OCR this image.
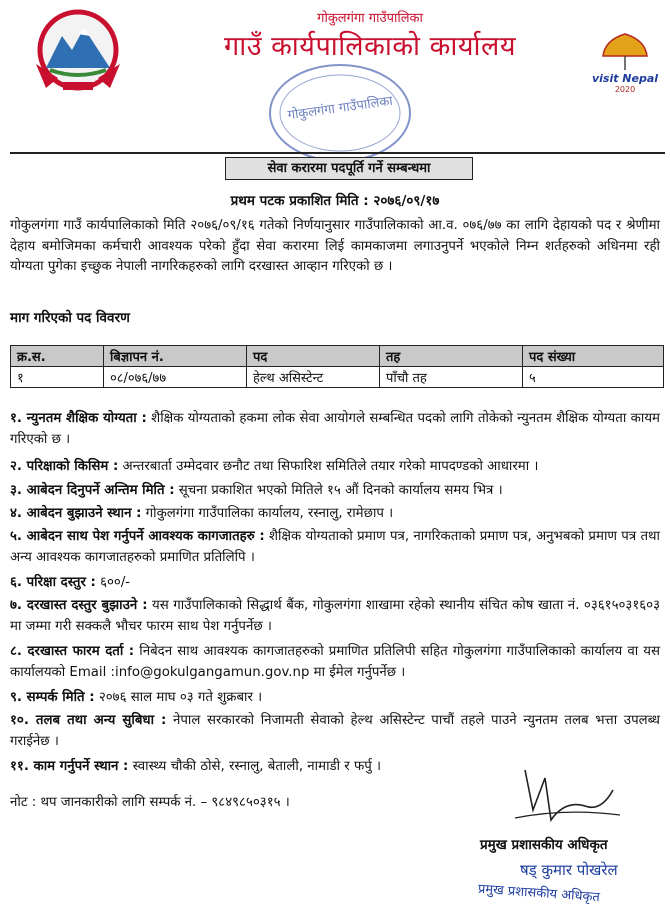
गोकुलगंगा गाउँपालिका
गाउँ कार्यपालिकाको कार्यालय
visit Nepal
2020
गोकुलगंगा गाउँपालिका
सेवा करारमा पदपूर्ति गर्ने सम्बन्धमा
प्रथम पटक प्रकाशित मिति : २०७६/०९/१७
गोकुलगंगा गाउँ कार्यपालिकाको मिति २०७६/०९/१६ गतेको निर्णयानुसार गाउँपालिकाको आ.व. ०७६/७७ का लागि देहायको पद र श्रेणीमा देहाय बमोजिमका कर्मचारी आवश्यक परेको हुँदा सेवा करारमा लिई कामकाजमा लगाउनुपर्ने भएकोले निम्न शर्तहरुको अधिनमा रही योग्यता पुगेका इच्छुक नेपाली नागरिकहरुको लागि दरखास्त आव्हान गरिएको छ ।
माग गरिएको पद विवरण
क्र.स.	बिज्ञापन नं.	पद	तह	पद संख्या
१	०८/०७६/७७	हेल्थ असिस्टेन्ट	पाँचौ तह	५
१. न्युनतम शैक्षिक योग्यता : शैक्षिक योग्यताको हकमा लोक सेवा आयोगले सम्बन्धित पदको लागि तोकेको न्युनतम शैक्षिक योग्यता कायम गरिएको छ ।
२. परिक्षाको किसिम : अन्तरबार्ता उम्मेदवार छनौट तथा सिफारिश समितिले तयार गरेको मापदण्डको आधारमा ।
३. आबेदन दिनुपर्ने अन्तिम मिति : सूचना प्रकाशित भएको मितिले १५ औं दिनको कार्यालय समय भित्र ।
४. आबेदन बुझाउने स्थान : गोकुलगंगा गाउँपालिका कार्यालय, रस्नालु, रामेछाप ।
५. आबेदन साथ पेश गर्नुपर्ने आवश्यक कागजातहरु : शैक्षिक योग्यताको प्रमाण पत्र, नागरिकताको प्रमाण पत्र, अनुभबको प्रमाण पत्र तथा अन्य आवश्यक कागजातहरुको प्रमाणित प्रतिलिपि ।
६. परिक्षा दस्तुर : ६००/-
७. दरखास्त दस्तुर बुझाउने : यस गाउँपालिकाको सिद्धार्थ बैंक, गोकुलगंगा शाखामा रहेको स्थानीय संचित कोष खाता नं. ०३६१५०३१६०३ मा जम्मा गरी सक्कलै भौचर फारम साथ पेश गर्नुपर्नेछ ।
८. दरखास्त फारम दर्ता : निबेदन साथ आवश्यक कागजातहरुको प्रमाणित प्रतिलिपी सहित गोकुलगंगा गाउँपालिकाको कार्यालय वा यस कार्यालयको Email :info@gokulgangamun.gov.np मा ईमेल गर्नुपर्नेछ ।
९. सम्पर्क मिति : २०७६ साल माघ ०३ गते शुक्रबार ।
१०. तलब तथा अन्य सुबिधा : नेपाल सरकारको निजामती सेवाको हेल्थ असिस्टेन्ट पाचौं तहले पाउने न्युनतम तलब भत्ता उपलब्ध गराईनेछ ।
११. काम गर्नुपर्ने स्थान : स्वास्थ्य चौकी ठोसे, रस्नालु, बेताली, नामाडी र फर्पु ।
नोट : थप जानकारीको लागि सम्पर्क नं. – ९८४९८५०३१५ ।
प्रमुख प्रशासकीय अधिकृत
षड् कुमार पोखरेल
प्रमुख प्रशासकीय अधिकृत
